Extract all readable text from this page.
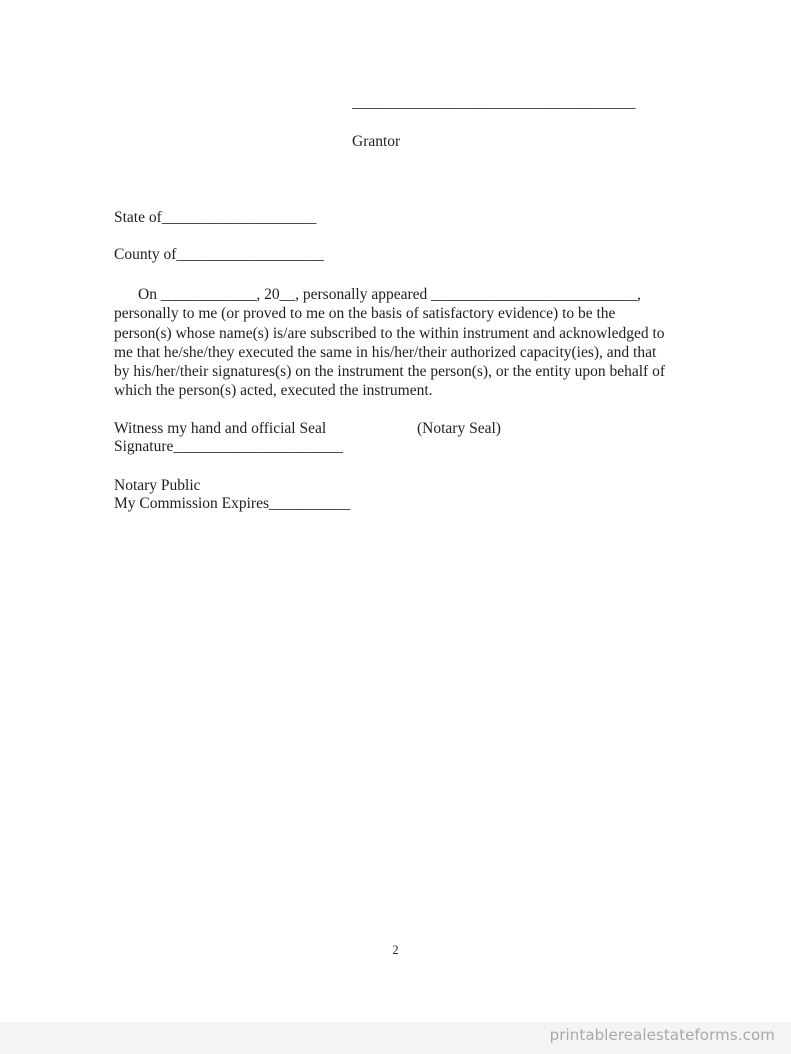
______________________________________
Grantor
State of_____________________
County of____________________
On _____________, 20__, personally appeared ____________________________,
personally to me (or proved to me on the basis of satisfactory evidence) to be the person(s) whose name(s) is/are subscribed to the within instrument and acknowledged to me that he/she/they executed the same in his/her/their authorized capacity(ies), and that by his/her/their signatures(s) on the instrument the person(s), or the entity upon behalf of which the person(s) acted, executed the instrument.
Witness my hand and official Seal	(Notary Seal)
Signature_______________________
Notary Public
My Commission Expires___________
2
printablerealestateforms.com
